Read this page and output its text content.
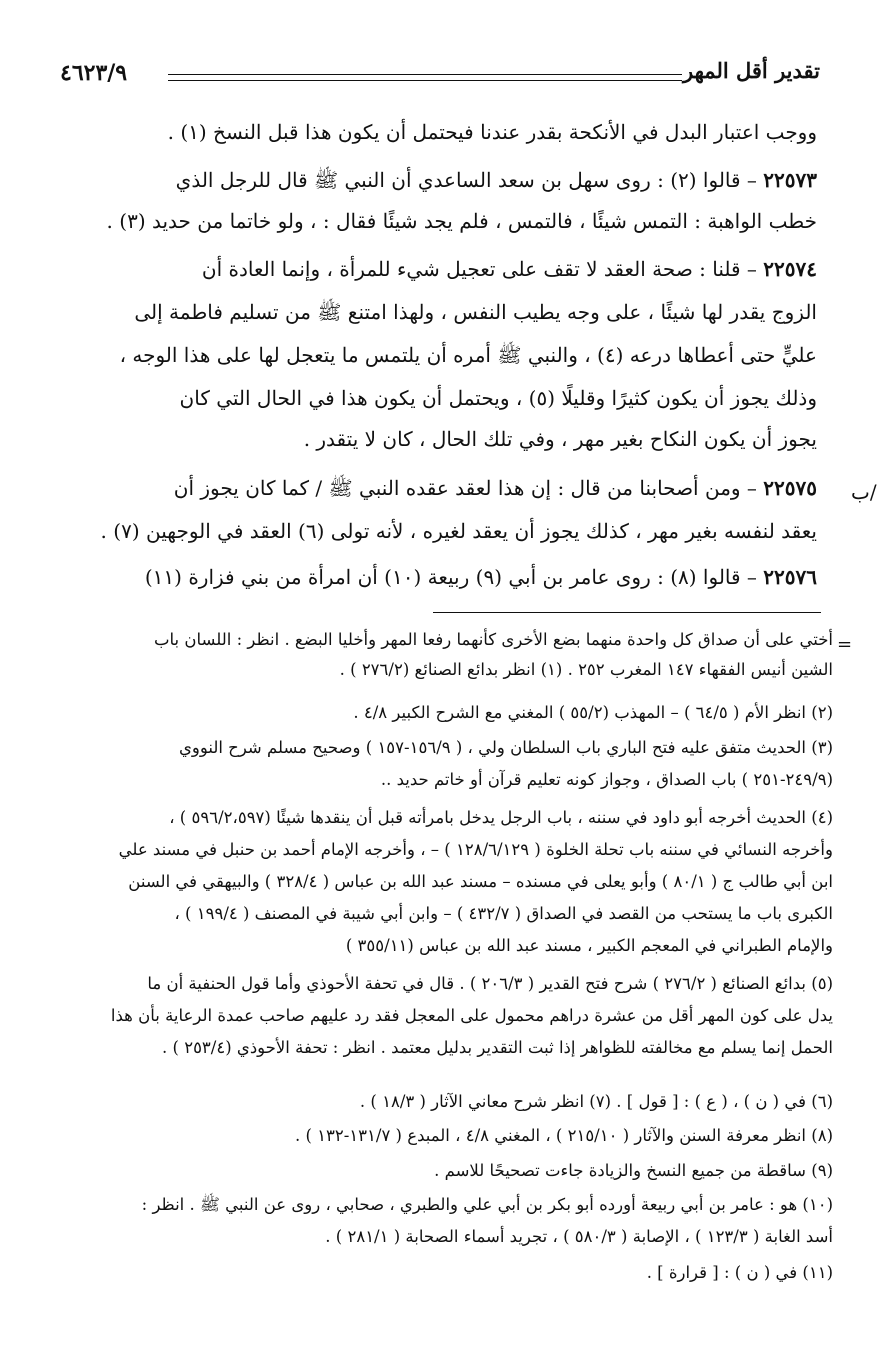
تقدير أقل المهر
٤٦٢٣/٩
ووجب اعتبار البدل في الأنكحة بقدر عندنا فيحتمل أن يكون هذا قبل النسخ (١) .
٢٢٥٧٣ – قالوا (٢) : روى سهل بن سعد الساعدي أن النبي ﷺ قال للرجل الذي
خطب الواهبة : التمس شيئًا ، فالتمس ، فلم يجد شيئًا فقال : ، ولو خاتما من حديد (٣) .
٢٢٥٧٤ – قلنا : صحة العقد لا تقف على تعجيل شيء للمرأة ، وإنما العادة أن
الزوج يقدر لها شيئًا ، على وجه يطيب النفس ، ولهذا امتنع ﷺ من تسليم فاطمة إلى
عليٍّ حتى أعطاها درعه (٤) ، والنبي ﷺ أمره أن يلتمس ما يتعجل لها على هذا الوجه ،
وذلك يجوز أن يكون كثيرًا وقليلًا (٥) ، ويحتمل أن يكون هذا في الحال التي كان
يجوز أن يكون النكاح بغير مهر ، وفي تلك الحال ، كان لا يتقدر .
٢٢٥٧٥ – ومن أصحابنا من قال : إن هذا لعقد عقده النبي ﷺ / كما كان يجوز أن
يعقد لنفسه بغير مهر ، كذلك يجوز أن يعقد لغيره ، لأنه تولى (٦) العقد في الوجهين (٧) .
٢٢٥٧٦ – قالوا (٨) : روى عامر بن أبي (٩) ربيعة (١٠) أن امرأة من بني فزارة (١١)
/ب
=
أختي على أن صداق كل واحدة منهما بضع الأخرى كأنهما رفعا المهر وأخليا البضع . انظر : اللسان باب
الشين أنيس الفقهاء ١٤٧ المغرب ٢٥٢ . (١) انظر بدائع الصنائع (٢٧٦/٢ ) .
(٢) انظر الأم ( ٦٤/٥ ) – المهذب (٥٥/٢ ) المغني مع الشرح الكبير ٤/٨ .
(٣) الحديث متفق عليه فتح الباري باب السلطان ولي ، ( ١٥٦/٩-١٥٧ ) وصحيح مسلم شرح النووي
(٢٤٩/٩-٢٥١ ) باب الصداق ، وجواز كونه تعليم قرآن أو خاتم حديد ..
(٤) الحديث أخرجه أبو داود في سننه ، باب الرجل يدخل بامرأته قبل أن ينقدها شيئًا (٥٩٦/٢،٥٩٧ ) ،
وأخرجه النسائي في سننه باب تحلة الخلوة ( ١٢٨/٦/١٢٩ ) – ، وأخرجه الإمام أحمد بن حنبل في مسند علي
ابن أبي طالب ج ( ٨٠/١ ) وأبو يعلى في مسنده – مسند عبد الله بن عباس ( ٣٢٨/٤ ) والبيهقي في السنن
الكبرى باب ما يستحب من القصد في الصداق ( ٤٣٢/٧ ) – وابن أبي شيبة في المصنف ( ١٩٩/٤ ) ،
والإمام الطبراني في المعجم الكبير ، مسند عبد الله بن عباس (٣٥٥/١١ )
(٥) بدائع الصنائع ( ٢٧٦/٢ ) شرح فتح القدير ( ٢٠٦/٣ ) . قال في تحفة الأحوذي وأما قول الحنفية أن ما
يدل على كون المهر أقل من عشرة دراهم محمول على المعجل فقد رد عليهم صاحب عمدة الرعاية بأن هذا
الحمل إنما يسلم مع مخالفته للظواهر إذا ثبت التقدير بدليل معتمد . انظر : تحفة الأحوذي (٢٥٣/٤ ) .
(٦) في ( ن ) ، ( ع ) : [ قول ] . (٧) انظر شرح معاني الآثار ( ١٨/٣ ) .
(٨) انظر معرفة السنن والآثار ( ٢١٥/١٠ ) ، المغني ٤/٨ ، المبدع ( ١٣١/٧-١٣٢ ) .
(٩) ساقطة من جميع النسخ والزيادة جاءت تصحيحًا للاسم .
(١٠) هو : عامر بن أبي ربيعة أورده أبو بكر بن أبي علي والطبري ، صحابي ، روى عن النبي ﷺ . انظر :
أسد الغابة ( ١٢٣/٣ ) ، الإصابة ( ٥٨٠/٣ ) ، تجريد أسماء الصحابة ( ٢٨١/١ ) .
(١١) في ( ن ) : [ قرارة ] .
